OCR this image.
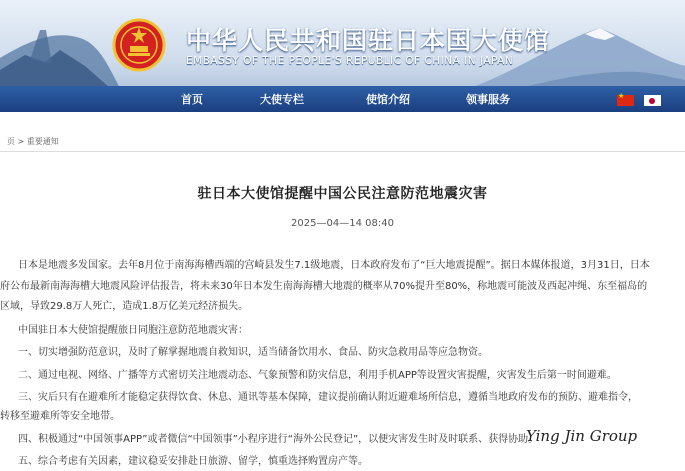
中华人民共和国驻日本国大使馆
EMBASSY OF THE PEOPLE'S REPUBLIC OF CHINA IN JAPAN
首页	大使专栏	使馆介绍	领事服务
★
页 > 重要通知
驻日本大使馆提醒中国公民注意防范地震灾害
2025—04—14 08:40
日本是地震多发国家。去年8月位于南海海槽西端的宫崎县发生7.1级地震，日本政府发布了“巨大地震提醒”。据日本媒体报道，3月31日，日本
府公布最新南海海槽大地震风险评估报告，将未来30年日本发生南海海槽大地震的概率从70%提升至80%，称地震可能波及西起冲绳、东至福岛的
区域，导致29.8万人死亡，造成1.8万亿美元经济损失。
中国驻日本大使馆提醒旅日同胞注意防范地震灾害：
一、切实增强防范意识，及时了解掌握地震自救知识，适当储备饮用水、食品、防灾急救用品等应急物资。
二、通过电视、网络、广播等方式密切关注地震动态、气象预警和防灾信息，利用手机APP等设置灾害提醒，灾害发生后第一时间避难。
三、灾后只有在避难所才能稳定获得饮食、休息、通讯等基本保障，建议提前确认附近避难场所信息，遵循当地政府发布的预防、避难指令，
转移至避难所等安全地带。
四、积极通过“中国领事APP”或者微信“中国领事”小程序进行“海外公民登记”，以便灾害发生时及时联系、获得协助。
五、综合考虑有关因素，建议稳妥安排赴日旅游、留学，慎重选择购置房产等。
Ying Jin Group
